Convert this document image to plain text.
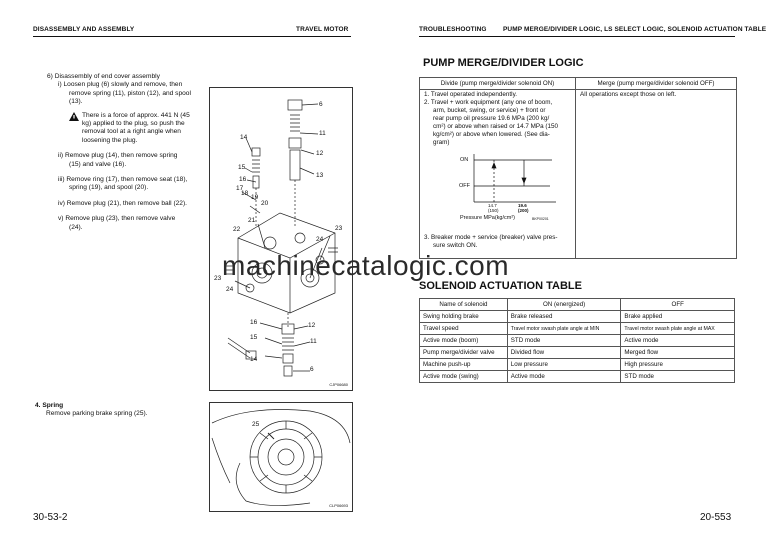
DISASSEMBLY AND ASSEMBLY	TRAVEL MOTOR
6) Disassembly of end cover assembly
i) Loosen plug (6) slowly and remove, then
remove spring (11), piston (12), and spool
(13).
There is a force of approx. 441 N (45
kg) applied to the plug, so push the
removal tool at a right angle when
loosening the plug.
ii) Remove plug (14), then remove spring
(15) and valve (16).
iii) Remove ring (17), then remove seat (18),
spring (19), and spool (20).
iv) Remove plug (21), then remove ball (22).
v) Remove plug (23), then remove valve
(24).
6
11
12
13
14
15
16
17
18
19
20
21
22	23
24
23
24
16	12
15
11
14
6
CJP06680
4. Spring
Remove parking brake spring (25).
25
CLP06693
30-53-2
TROUBLESHOOTING	PUMP MERGE/DIVIDER LOGIC, LS SELECT LOGIC, SOLENOID ACTUATION TABLE
PUMP MERGE/DIVIDER LOGIC
Divide (pump merge/divider solenoid ON)	Merge (pump merge/divider solenoid OFF)
1. Travel operated independently.
2. Travel + work equipment (any one of boom,
arm, bucket, swing, or service) + front or
rear pump oil pressure 19.6 MPa (200 kg/
cm²) or above when raised or 14.7 MPa (150
kg/cm²) or above when lowered. (See dia-
gram)
All operations except those on left.
ON
OFF
14.7
(150)
19.6
(200)
Pressure MPa(kg/cm²)	BKP00201
3. Breaker mode + service (breaker) valve pres-
sure switch ON.
SOLENOID ACTUATION TABLE
Name of solenoid	ON (energized)	OFF
Swing holding brake	Brake released	Brake applied
Travel speed	Travel motor swash plate angle at MIN	Travel motor swash plate angle at MAX
Active mode (boom)	STD mode	Active mode
Pump merge/divider valve	Divided flow	Merged flow
Machine push-up	Low pressure	High pressure
Active mode (swing)	Active mode	STD mode
20-553
machinecatalogic.com
